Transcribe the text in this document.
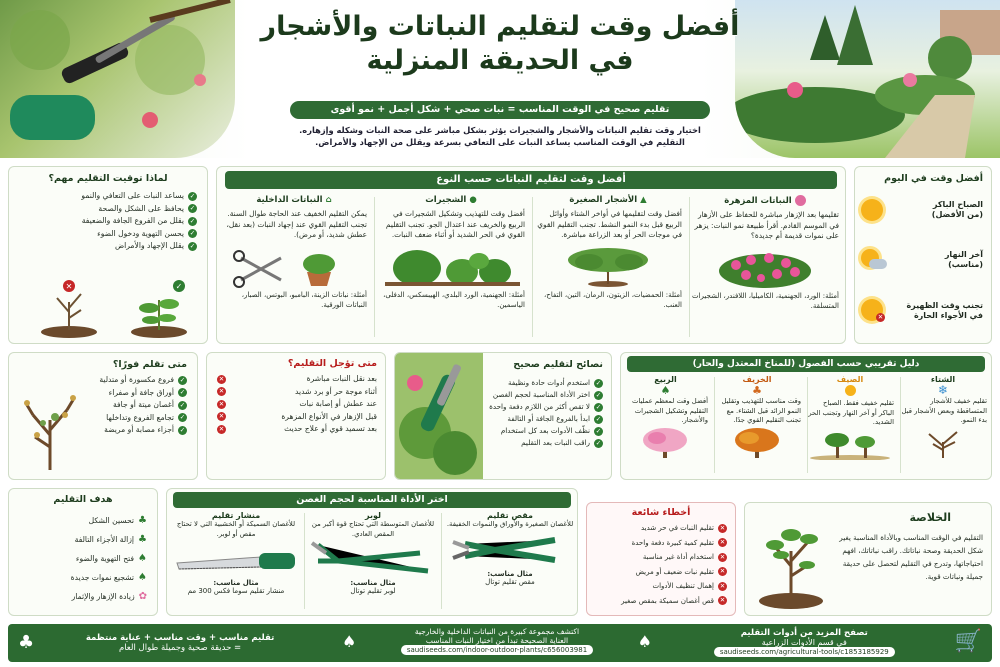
أفضل وقت لتقليم النباتات والأشجار
في الحديقة المنزلية
تقليم صحيح في الوقت المناسب = نبات صحي + شكل أجمل + نمو أقوى
اختيار وقت تقليم النباتات والأشجار والشجيرات يؤثر بشكل مباشر على صحة النبات وشكله وإزهاره.
التقليم في الوقت المناسب يساعد النبات على التعافي بسرعة ويقلل من الإجهاد والأمراض.
لماذا توقيت التقليم مهم؟
✓
يساعد النبات على التعافي والنمو
✓
يحافظ على الشكل والصحة
✓
يقلل من الفروع الجافة والضعيفة
✓
يحسن التهوية ودخول الضوء
✓
يقلل الإجهاد والأمراض
✕	✓
أفضل وقت لتقليم النباتات حسب النوع
النباتات المزهرة
تقليمها بعد الإزهار مباشرة للحفاظ على الأزهار في الموسم القادم. أقرأ طبيعة نمو النبات: يزهر على نموات قديمة أم جديدة؟
أمثلة: الورد، الجهنمية، الكاميليا، اللافندر، الشجيرات المتسلقة.
▲ الأشجار الصغيرة
أفضل وقت لتقليمها في أواخر الشتاء وأوائل الربيع قبل بدء النمو النشط. تجنب التقليم القوي في موجات الحر أو بعد الزراعة مباشرة.
أمثلة: الحمضيات، الزيتون، الرمان، التين، التفاح، العنب.
● الشجيرات
أفضل وقت للتهذيب وتشكيل الشجيرات في الربيع والخريف عند اعتدال الجو. تجنب التقليم القوي في الحر الشديد أو أثناء ضعف النبات.
أمثلة: الجهنمية، الورد البلدي، الهيبسكس، الدفلى، الياسمين.
⌂ النباتات الداخلية
يمكن التقليم الخفيف عند الحاجة طوال السنة. تجنب التقليم القوي عند إجهاد النبات (بعد نقل، عطش شديد، أو مرض).
أمثلة: نباتات الزينة، البامبو، البوتس، الصبار، النباتات الورقية.
أفضل وقت في اليوم
الصباح الباكر
(من الأفضل)
آخر النهار
(مناسب)
تجنب وقت الظهيرة
في الأجواء الحارة
✕
متى تقلم فورًا؟
✓
فروع مكسورة أو متدلية
✓
أوراق جافة أو صفراء
✓
أغصان ميتة أو جافة
✓
تجامع الفروع وتداخلها
✓
أجزاء مصابة أو مريضة
متى تؤجل التقليم؟
بعد نقل النبات مباشرة
✕
أثناء موجة حر أو برد شديد
✕
عند عطش أو إصابة نبات
✕
قبل الإزهار في الأنواع المزهرة
✕
بعد تسميد قوي أو علاج حديث
✕
نصائح لتقليم صحيح
✓
استخدم أدوات حادة ونظيفة
✓
اختر الأداة المناسبة لحجم الغصن
✓
لا تقص أكثر من اللازم دفعة واحدة
✓
ابدأ بالفروع الجافة أو التالفة
✓
نظّف الأدوات بعد كل استخدام
✓
راقب النبات بعد التقليم
دليل تقريبي حسب الفصول (للمناخ المعتدل والحار)
الشتاء
❄
تقليم خفيف للأشجار المتساقطة وبعض الأشجار قبل بدء النمو.
الصيف
تقليم خفيف فقط. الصباح الباكر أو آخر النهار وتجنب الحر الشديد.
الخريف
♣
وقت مناسب للتهذيب وتقليل النمو الزائد قبل الشتاء. مع تجنب التقليم القوي جدًا.
الربيع
♠
أفضل وقت لمعظم عمليات التقليم وتشكيل الشجيرات والأشجار.
هدف التقليم
♣
تحسين الشكل
♣
إزالة الأجزاء التالفة
♠
فتح التهوية والضوء
♠
تشجيع نموات جديدة
✿
زيادة الإزهار والإثمار
اختر الأداة المناسبة لحجم الغصن
منشار تقليم
للأغصان السميكة أو الخشبية التي لا تحتاج مقص أو لوبر.
مثال مناسب:
منشار تقليم سوما فكس 300 مم
لوبر
للأغصان المتوسطة التي تحتاج قوة أكبر من المقص العادي.
مثال مناسب:
لوبر تقليم توتال
مقص تقليم
للأغصان الصغيرة والأوراق والنموات الخفيفة.
مثال مناسب:
مقص تقليم توتال
أخطاء شائعة
✕
تقليم النبات في حر شديد
✕
تقليم كمية كبيرة دفعة واحدة
✕
استخدام أداة غير مناسبة
✕
تقليم نبات ضعيف أو مريض
✕
إهمال تنظيف الأدوات
✕
قص أغصان سميكة بمقص صغير
الخلاصة
التقليم في الوقت المناسب وبالأداة المناسبة يغير شكل الحديقة وصحة نباتاتك. راقب نباتاتك، افهم احتياجاتها، وتدرج في التقليم لتحصل على حديقة جميلة ونباتات قوية.
🛒
تصفح المزيد من أدوات التقليم
في قسم الأدوات الزراعية
saudiseeds.com/agricultural-tools/c1853185929
♠
اكتشف مجموعة كبيرة من النباتات الداخلية والخارجية
العناية الصحيحة تبدأ من اختيار النبات المناسب
saudiseeds.com/indoor-outdoor-plants/c656003981
♠
تقليم مناسب + وقت مناسب + عناية منتظمة
= حديقة صحية وجميلة طوال العام
♣
